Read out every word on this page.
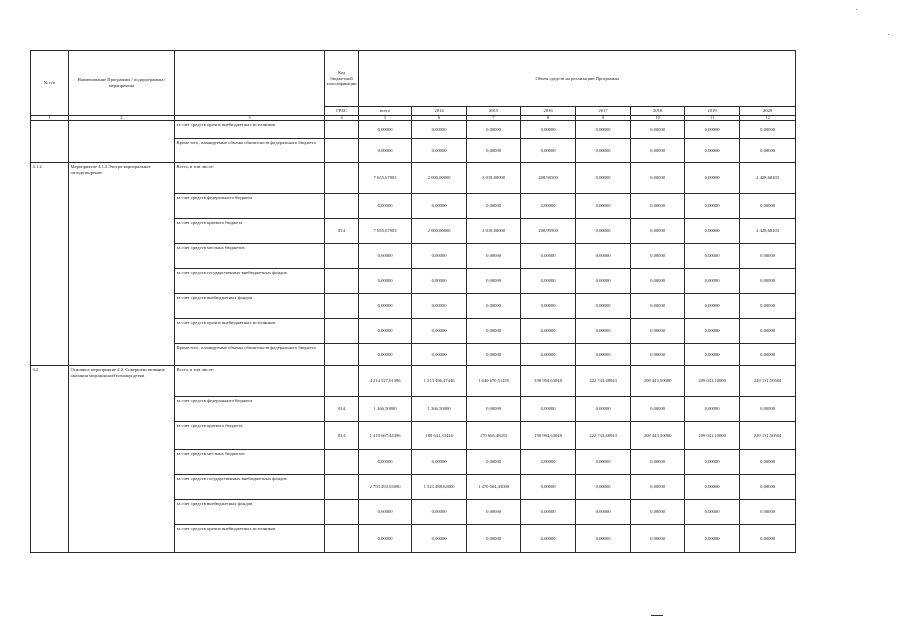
№ п/п	Наименование Программы / подпрограммы / мероприятия		Код бюджетной классификации	Объем средств на реализацию Программы							
			ГРБС	всего	2014	2015	2016	2017	2018	2019	2020
1	2	3	4	5	6	7	8	9	10	11	12
		за счет средств прочих внебюджетных источников		0,00000	0,00000	0,00000	0,00000	0,00000	0,00000	0,00000	0,00000
		Кроме того, планируемые объемы обязательств федерального бюджета		0,00000	0,00000	0,00000	0,00000	0,00000	0,00000	0,00000	0,00000
4.1.2.	Мероприятие 4.1.2.Экстра-корпоральное оплодотворение	Всего, в том числе:		7 655,67903	2 000,00000	3 018,00000	208,99500	0,00000	0,00000	0,00000	2 428,68403
		за счет средств федерального бюджета		0,00000	0,00000	0,00000	0,00000	0,00000	0,00000	0,00000	0,00000
		за счет средств краевого бюджета	814	7 655,67903	2 000,00000	3 018,00000	208,99500	0,00000	0,00000	0,00000	2 428,68403
		за счет средств местных бюджетов		0,00000	0,00000	0,00000	0,00000	0,00000	0,00000	0,00000	0,00000
		за счет средств государственных внебюджетных фондов		0,00000	0,00000	0,00000	0,00000	0,00000	0,00000	0,00000	0,00000
		за счет средств внебюджетных фондов		0,00000	0,00000	0,00000	0,00000	0,00000	0,00000	0,00000	0,00000
		за счет средств прочих внебюджетных источников		0,00000	0,00000	0,00000	0,00000	0,00000	0,00000	0,00000	0,00000
		Кроме того, планируемые объемы обязательств федерального бюджета		0,00000	0,00000	0,00000	0,00000	0,00000	0,00000	0,00000	0,00000
4.2.	Основное мероприятие 4.2. Совершенствование оказания медицинской помощи детям	Всего, в том числе:		4 214 527,01396	1 513 496,47446	1 640 670,51455	190 994,63048	222 743,48943	208 443,50000	209 041,10000	229 131,50504
		за счет средств федерального бюджета	814	1 266,50000	1 266,50000	0,00000	0,00000	0,00000	0,00000	0,00000	0,00000
		за счет средств краевого бюджета	814	1 419 667,44396	188 641,33446	170 666,48455	190 994,63048	222 743,48943	208 443,50000	209 041,10000	229 131,50504
		за счет средств местных бюджетов		0,00000	0,00000	0,00000	0,00000	0,00000	0,00000	0,00000	0,00000
		за счет средств государственных внебюджетных фондов		2 793 493,03000	1 323 488,64000	1 470 004,43000	0,00000	0,00000	0,00000	0,00000	0,00000
		за счет средств внебюджетных фондов		0,00000	0,00000	0,00000	0,00000	0,00000	0,00000	0,00000	0,00000
		за счет средств прочих внебюджетных источников		0,00000	0,00000	0,00000	0,00000	0,00000	0,00000	0,00000	0,00000
